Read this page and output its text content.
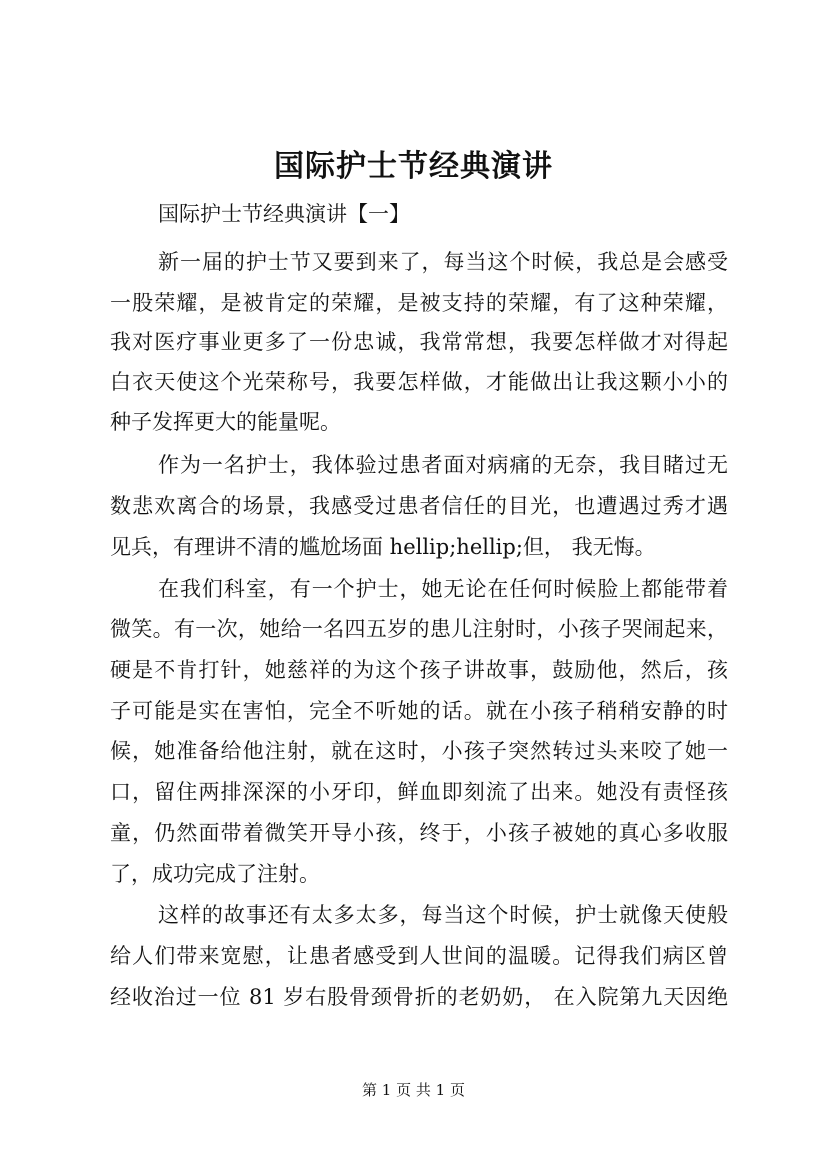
国际护士节经典演讲
国际护士节经典演讲【一】
新一届的护士节又要到来了，每当这个时候，我总是会感受
一股荣耀，是被肯定的荣耀，是被支持的荣耀，有了这种荣耀，
我对医疗事业更多了一份忠诚，我常常想，我要怎样做才对得起
白衣天使这个光荣称号，我要怎样做，才能做出让我这颗小小的
种子发挥更大的能量呢。
作为一名护士，我体验过患者面对病痛的无奈，我目睹过无
数悲欢离合的场景，我感受过患者信任的目光，也遭遇过秀才遇
见兵，有理讲不清的尴尬场面 hellip;hellip;但， 我无悔。
在我们科室，有一个护士，她无论在任何时候脸上都能带着
微笑。有一次，她给一名四五岁的患儿注射时，小孩子哭闹起来，
硬是不肯打针，她慈祥的为这个孩子讲故事，鼓励他，然后，孩
子可能是实在害怕，完全不听她的话。就在小孩子稍稍安静的时
候，她准备给他注射，就在这时，小孩子突然转过头来咬了她一
口，留住两排深深的小牙印，鲜血即刻流了出来。她没有责怪孩
童，仍然面带着微笑开导小孩，终于，小孩子被她的真心多收服
了，成功完成了注射。
这样的故事还有太多太多，每当这个时候，护士就像天使般
给人们带来宽慰，让患者感受到人世间的温暖。记得我们病区曾
经收治过一位 81 岁右股骨颈骨折的老奶奶， 在入院第九天因绝
第 1 页 共 1 页
